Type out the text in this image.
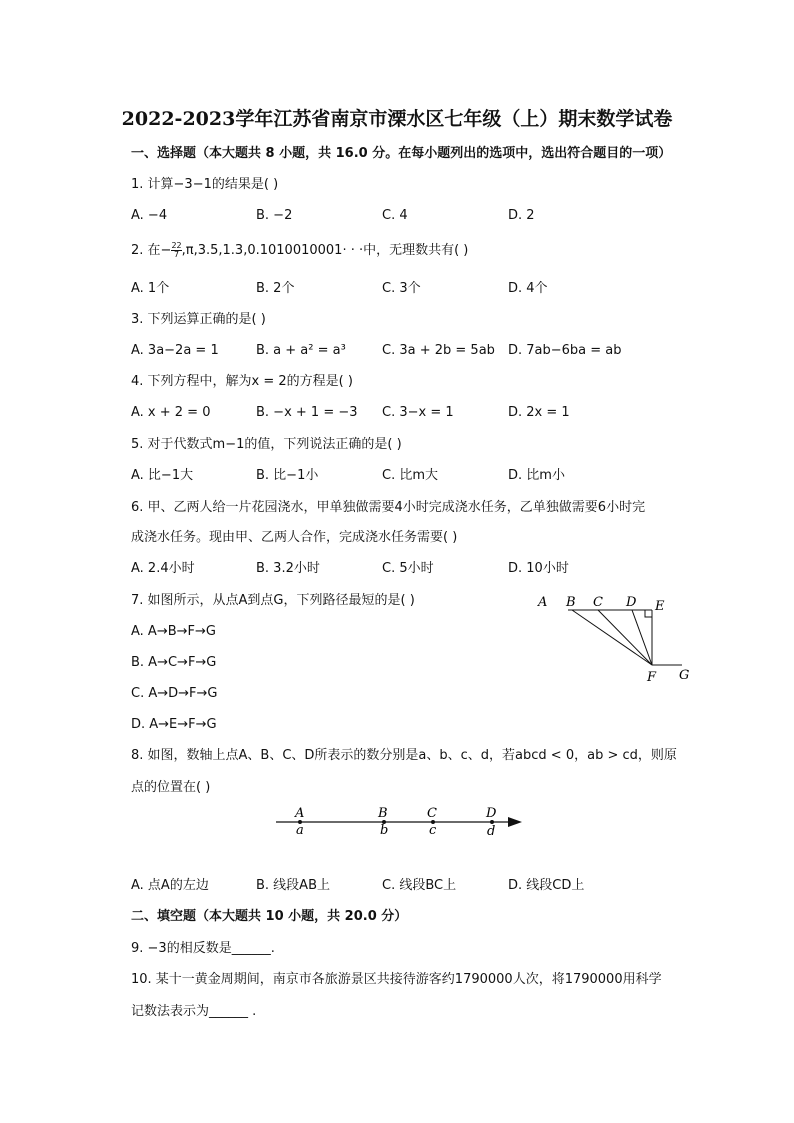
2022-2023学年江苏省南京市溧水区七年级（上）期末数学试卷
一、选择题（本大题共 8 小题，共 16.0 分。在每小题列出的选项中，选出符合题目的一项）
1. 计算−3−1的结果是( )
A. −4	B. −2	C. 4	D. 2
2. 在− $\frac{22}{7} ,\pi,3.5,1.3,0.1010010001\cdot$ · ·中，无理数共有( )
A. 1个	B. 2个	C. 3个	D. 4个
3. 下列运算正确的是( )
A. 3a−2a = 1	B. a + a² = a³	C. 3a + 2b = 5ab D. 7ab−6ba = ab
4. 下列方程中，解为x = 2的方程是( )
A. x + 2 = 0	B. −x + 1 = −3 C. 3−x = 1	D. 2x = 1
5. 对于代数式m−1的值，下列说法正确的是( )
A. 比−1大	B. 比−1小	C. 比m大	D. 比m小
6. 甲、乙两人给一片花园浇水，甲单独做需要4小时完成浇水任务，乙单独做需要6小时完
成浇水任务。现由甲、乙两人合作，完成浇水任务需要( )
A. 2.4小时	B. 3.2小时	C. 5小时	D. 10小时
7. 如图所示，从点A到点G，下列路径最短的是( )
A. A→B→F→G
B. A→C→F→G
C. A→D→F→G
D. A→E→F→G
A B C D E
F G
8. 如图，数轴上点A、B、C、D所表示的数分别是a、b、c、d，若abcd < 0，ab > cd，则原
点的位置在( )
A	B	C	D
a	b	c	d
A. 点A的左边	B. 线段AB上	C. 线段BC上	D. 线段CD上
二、填空题（本大题共 10 小题，共 20.0 分）
9. −3的相反数是______.
10. 某十一黄金周期间，南京市各旅游景区共接待游客约1790000人次，将1790000用科学
记数法表示为______ .
